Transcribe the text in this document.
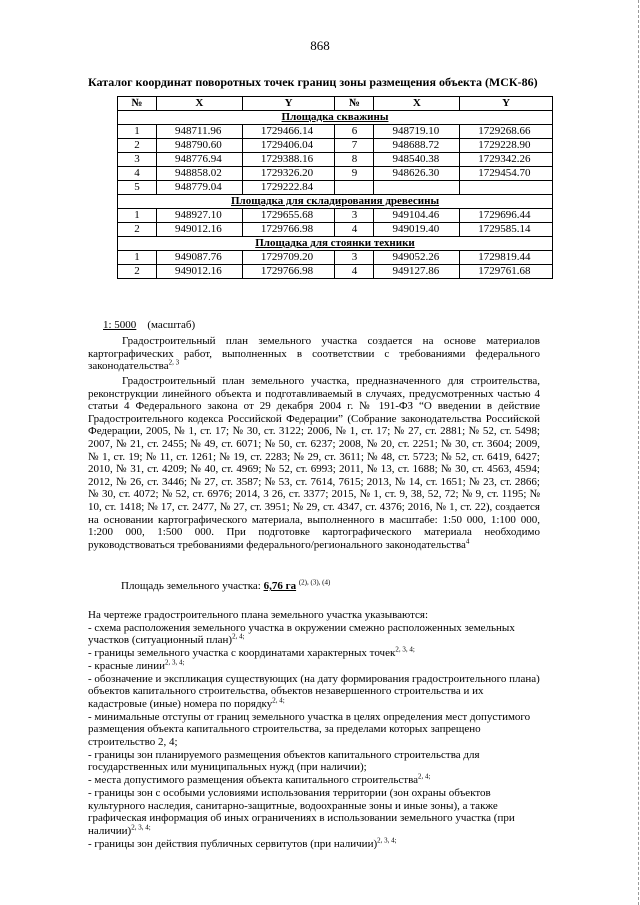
868
Каталог координат поворотных точек границ зоны размещения объекта (МСК-86)
№	X	Y	№	X	Y
Площадка скважины					
1	948711.96	1729466.14	6	948719.10	1729268.66
2	948790.60	1729406.04	7	948688.72	1729228.90
3	948776.94	1729388.16	8	948540.38	1729342.26
4	948858.02	1729326.20	9	948626.30	1729454.70
5	948779.04	1729222.84			
Площадка для складирования древесины					
1	948927.10	1729655.68	3	949104.46	1729696.44
2	949012.16	1729766.98	4	949019.40	1729585.14
Площадка для стоянки техники					
1	949087.76	1729709.20	3	949052.26	1729819.44
2	949012.16	1729766.98	4	949127.86	1729761.68
1: 5000 (масштаб)
Градостроительный план земельного участка создается на основе материалов картографических работ, выполненных в соответствии с требованиями федерального законодательства$^{2, 3}$
Градостроительный план земельного участка, предназначенного для строительства, реконструкции линейного объекта и подготавливаемый в случаях, предусмотренных частью 4 статьи 4 Федерального закона от 29 декабря 2004 г. № 191-ФЗ “О введении в действие Градостроительного кодекса Российской Федерации” (Собрание законодательства Российской Федерации, 2005, № 1, ст. 17; № 30, ст. 3122; 2006, № 1, ст. 17; № 27, ст. 2881; № 52, ст. 5498; 2007, № 21, ст. 2455; № 49, ст. 6071; № 50, ст. 6237; 2008, № 20, ст. 2251; № 30, ст. 3604; 2009, № 1, ст. 19; № 11, ст. 1261; № 19, ст. 2283; № 29, ст. 3611; № 48, ст. 5723; № 52, ст. 6419, 6427; 2010, № 31, ст. 4209; № 40, ст. 4969; № 52, ст. 6993; 2011, № 13, ст. 1688; № 30, ст. 4563, 4594; 2012, № 26, ст. 3446; № 27, ст. 3587; № 53, ст. 7614, 7615; 2013, № 14, ст. 1651; № 23, ст. 2866; № 30, ст. 4072; № 52, ст. 6976; 2014, 3 26, ст. 3377; 2015, № 1, ст. 9, 38, 52, 72; № 9, ст. 1195; № 10, ст. 1418; № 17, ст. 2477, № 27, ст. 3951; № 29, ст. 4347, ст. 4376; 2016, № 1, ст. 22), создается на основании картографического материала, выполненного в масштабе: 1:50 000, 1:100 000, 1:200 000, 1:500 000. При подготовке картографического материала необходимо руководствоваться требованиями федерального/регионального законодательства$^4$
Площадь земельного участка: 6,76 га $^{(2), (3), (4)}$
На чертеже градостроительного плана земельного участка указываются:
- схема расположения земельного участка в окружении смежно расположенных земельных участков (ситуационный план)$^{2, 4;}$
- границы земельного участка с координатами характерных точек$^{2, 3, 4;}$
- красные линии$^{2, 3, 4;}$
- обозначение и экспликация существующих (на дату формирования градостроительного плана) объектов капитального строительства, объектов незавершенного строительства и их кадастровые (иные) номера по порядку$^{2, 4;}$
- минимальные отступы от границ земельного участка в целях определения мест допустимого размещения объекта капитального строительства, за пределами которых запрещено строительство 2, 4;
- границы зон планируемого размещения объектов капитального строительства для государственных или муниципальных нужд (при наличии);
- места допустимого размещения объекта капитального строительства$^{2, 4;}$
- границы зон с особыми условиями использования территории (зон охраны объектов культурного наследия, санитарно-защитные, водоохранные зоны и иные зоны), а также графическая информация об иных ограничениях в использовании земельного участка (при наличии)$^{2, 3, 4;}$
- границы зон действия публичных сервитутов (при наличии)$^{2, 3, 4;}$
